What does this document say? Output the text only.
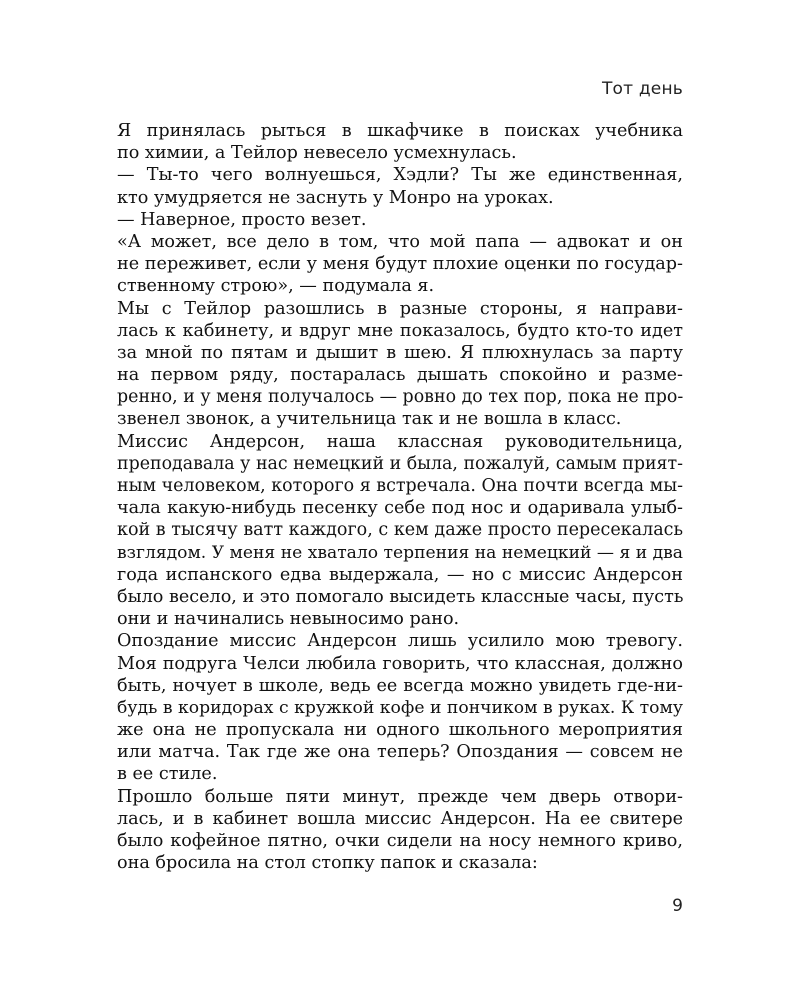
Тот день
Я принялась рыться в шкафчике в поисках учебника
по химии, а Тейлор невесело усмехнулась.
— Ты-то чего волнуешься, Хэдли? Ты же единственная,
кто умудряется не заснуть у Монро на уроках.
— Наверное, просто везет.
«А может, все дело в том, что мой папа — адвокат и он
не переживет, если у меня будут плохие оценки по государ-
ственному строю», — подумала я.
Мы с Тейлор разошлись в разные стороны, я направи-
лась к кабинету, и вдруг мне показалось, будто кто-то идет
за мной по пятам и дышит в шею. Я плюхнулась за парту
на первом ряду, постаралась дышать спокойно и разме-
ренно, и у меня получалось — ровно до тех пор, пока не про-
звенел звонок, а учительница так и не вошла в класс.
Миссис Андерсон, наша классная руководительница,
преподавала у нас немецкий и была, пожалуй, самым прият-
ным человеком, которого я встречала. Она почти всегда мы-
чала какую-нибудь песенку себе под нос и одаривала улыб-
кой в тысячу ватт каждого, с кем даже просто пересекалась
взглядом. У меня не хватало терпения на немецкий — я и два
года испанского едва выдержала, — но с миссис Андерсон
было весело, и это помогало высидеть классные часы, пусть
они и начинались невыносимо рано.
Опоздание миссис Андерсон лишь усилило мою тревогу.
Моя подруга Челси любила говорить, что классная, должно
быть, ночует в школе, ведь ее всегда можно увидеть где-ни-
будь в коридорах с кружкой кофе и пончиком в руках. К тому
же она не пропускала ни одного школьного мероприятия
или матча. Так где же она теперь? Опоздания — совсем не
в ее стиле.
Прошло больше пяти минут, прежде чем дверь отвори-
лась, и в кабинет вошла миссис Андерсон. На ее свитере
было кофейное пятно, очки сидели на носу немного криво,
она бросила на стол стопку папок и сказала:
9
